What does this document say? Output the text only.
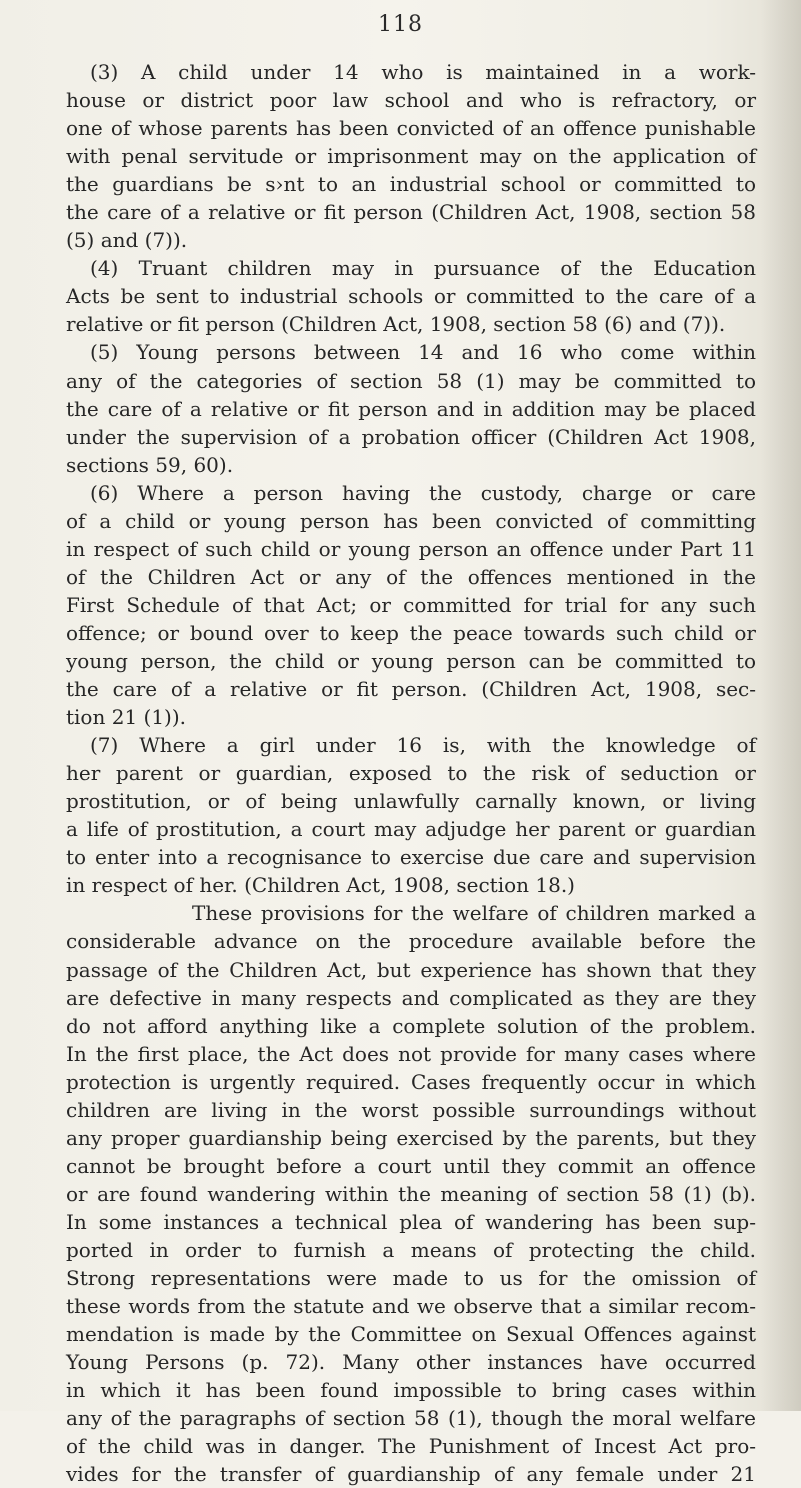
118
(3) A child under 14 who is maintained in a work-
house or district poor law school and who is refractory, or
one of whose parents has been convicted of an offence punishable
with penal servitude or imprisonment may on the application of
the guardians be s›nt to an industrial school or committed to
the care of a relative or fit person (Children Act, 1908, section 58
(5) and (7)).
(4) Truant children may in pursuance of the Education
Acts be sent to industrial schools or committed to the care of a
relative or fit person (Children Act, 1908, section 58 (6) and (7)).
(5) Young persons between 14 and 16 who come within
any of the categories of section 58 (1) may be committed to
the care of a relative or fit person and in addition may be placed
under the supervision of a probation officer (Children Act 1908,
sections 59, 60).
(6) Where a person having the custody, charge or care
of a child or young person has been convicted of committing
in respect of such child or young person an offence under Part 11
of the Children Act or any of the offences mentioned in the
First Schedule of that Act; or committed for trial for any such
offence; or bound over to keep the peace towards such child or
young person, the child or young person can be committed to
the care of a relative or fit person. (Children Act, 1908, sec-
tion 21 (1)).
(7) Where a girl under 16 is, with the knowledge of
her parent or guardian, exposed to the risk of seduction or
prostitution, or of being unlawfully carnally known, or living
a life of prostitution, a court may adjudge her parent or guardian
to enter into a recognisance to exercise due care and supervision
in respect of her. (Children Act, 1908, section 18.)
These provisions for the welfare of children marked a
considerable advance on the procedure available before the
passage of the Children Act, but experience has shown that they
are defective in many respects and complicated as they are they
do not afford anything like a complete solution of the problem.
In the first place, the Act does not provide for many cases where
protection is urgently required. Cases frequently occur in which
children are living in the worst possible surroundings without
any proper guardianship being exercised by the parents, but they
cannot be brought before a court until they commit an offence
or are found wandering within the meaning of section 58 (1) (b).
In some instances a technical plea of wandering has been sup-
ported in order to furnish a means of protecting the child.
Strong representations were made to us for the omission of
these words from the statute and we observe that a similar recom-
mendation is made by the Committee on Sexual Offences against
Young Persons (p. 72). Many other instances have occurred
in which it has been found impossible to bring cases within
any of the paragraphs of section 58 (1), though the moral welfare
of the child was in danger. The Punishment of Incest Act pro-
vides for the transfer of guardianship of any female under 21
